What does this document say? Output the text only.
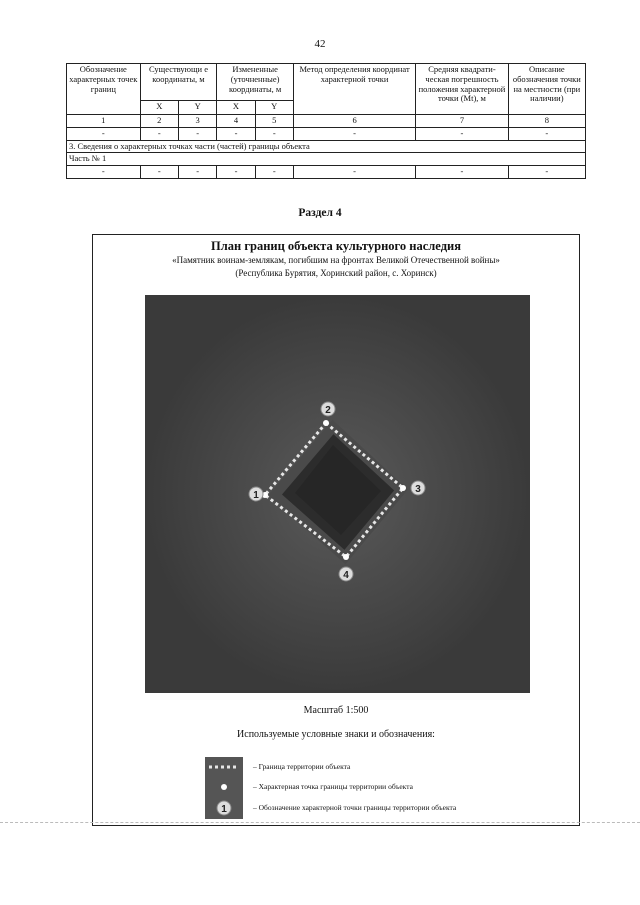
42
Обозначение характерных точек границ	Существующи е координаты, м		Измененные (уточненные) координаты, м		Метод определения координат характерной точки	Средняя квадрати-ческая погрешность положения характерной точки (Mt), м	Описание обозначения точки на местности (при наличии)
	X	Y	X	Y			
1	2	3	4	5	6	7	8
-	-	-	-	-	-	-	-
3. Сведения о характерных точках части (частей) границы объекта							
Часть № 1							
-	-	-	-	-	-	-	-
Раздел 4
План границ объекта культурного наследия
«Памятник воинам-землякам, погибшим на фронтах Великой Отечественной войны»
(Республика Бурятия, Хоринский район, с. Хоринск)
1
2
3
4
Масштаб 1:500
Используемые условные знаки и обозначения:
1
– Граница территории объекта
– Характерная точка границы территории объекта
– Обозначение характерной точки границы территории объекта
